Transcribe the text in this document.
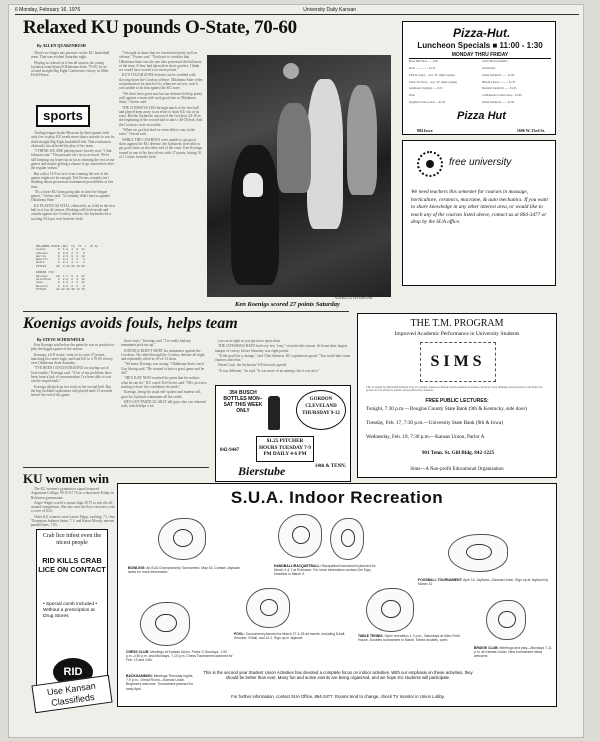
6 Monday, February 16, 1976	University Daily Kansan
Relaxed KU pounds O-State, 70-60
By ALLEN QUAKENBUSH

There's no longer any pressure on the KU basketball team. That was evident Saturday night.

Playing as relaxed as it has all season, the young Jayhawk team blasted Oklahoma State, 70-60, for its second straight Big Eight Conference victory in Allen Field House.

sports

Trailing league leader Missouri by three games with only five to play, KU needs more than a miracle to win its third straight Big Eight basketball title. That realization obviously has affected the play of the team.

"I THINK WE ARE playing more loosely now," Clint Johnson said. "The pressure isn't on us as much. We're still keeping our hopes up as far as winning the rest of our games and maybe getting a chance to go somewhere after the regular season."

But with a 13-9 record, even winning the rest of the games might not be enough. Ted Owens certainly isn't thinking about postseason tournament possibilities at this time.

"It's a loose KU team going into its last five league games," Owens said. "It certainly didn't hurt us against Oklahoma State."

KU PLAYED AS WELL offensively as it did in the first half as it has all season. Working well both inside and outside against the Cowboy defense, the Jayhawks hit a sizzling 59.4 per cent from the field.

OKLAHOMA STATE (60)  fg  ft  r  pf tp
Lester       5  1-2  4  3  11
Johnson      0  0-0  2  5   0
Harris       6  2-3  8  2  14
Roberts      4  0-1  3  4   8
Smith        3  2-2  1  1   8
TOTALS      26  8-13 29 19 60

KANSAS (70)
Koenigs     10  7-7  9  3  27
Valentine    4  2-2  2  4  10
Cook         6  1-2  7  1  13
Russell      3  2-2  3  2   8
TOTALS      29 12-16 30 14 70

"I thought at times that we functioned pretty well on offense," Owens said. "You have to consider that Oklahoma State was the one who possessed the ball most of the time. If they had taken their shots quicker, I think we would have scored a lot more points."

KU'S TOUGH ZONE defense can be credited with slowing down the Cowboy offense. Oklahoma State relies on penetration for much of its offensive success, and it was unable to do that against the KU zone.

"We don't have great size but our defense held up pretty well against a team with such good size as Oklahoma State," Owens said.

THE COWBOYS LED through much of the first half and played keep away in an effort to draw KU out of its zone. But the Jayhawks outscored the Cowboys 24-16 in the beginning of the second half to take a 40-30 lead. And the Cowboys were in trouble.

"When we got that lead we were able to stay in the zone," Owens said.

WHILE THE COWBOYS were unable to get good shots against the KU defense, the Jayhawks were able to get good shots on the other end of the court. Ken Koenigs turned in one of his best efforts with 27 points, hitting 10 of 13 shots from the field.

Staff Photo by JAY KOELZER
Ken Koenigs scored 27 points Saturday
Pizza-Hut.
Luncheon Specials ■ 11:00 - 1:30
MONDAY THRU FRIDAY
Pizza Hut Salad ....... $.85	Garlic Bread Available
Pizza .................. $1.35	Sandwiches
Thin & Crispy ... 4oz. 10" single topping	Italian Sandwich ........ $1.69
Thick 'N Chewy ... 4oz. 10" single topping	Ham & Cheese ............ $1.35
Additional Toppings ...... $.25	Meatball Sandwich ....... $1.45
Pasta	Combination w/meat sauce .. $1.99
Spaghetti w/meat sauce ... $1.85	Italian Sandwich ........ $1.69
Pizza Hut
804 Iowa	1606 W. 23rd St.
free university
We need teachers this semester for courses in massage, horticulture, ceramics, macrame, & auto mechanics. If you want to share knowledge in any other interest area, or would like to teach any of the courses listed above, contact us at 864-3477 or drop by the SUA office.
Koenigs avoids fouls, helps team
By STEVE SCHOENFELD

Ken Koenigs said before the game he was in position to play the biggest game of the season.

Koenigs, a 6-8 senior, went on to score 27 points, matching his career high, and lead KU to a 70-60 victory over Oklahoma State Saturday.

"I'VE BEEN CONCENTRATING on staying out of foul trouble," Koenigs said. "A lot of my problems have been from a lack of concentration. I've been able to sort out the stupid fouls."

Koenigs did pick up two fouls in the second half. But the big Goddard sophomore still played until 13 seconds before the end of the game.

those fouls," Koenigs said. "I've really had my teammates pick me up."

KOENIGS DIDN'T HURT his teammates against the Cowboys. He sifted through the Cowboy defense all night and repeatedly rifled in 10-of-13 shots.

"We knew Koenigs was strong," Oklahoma State coach Guy Strong said. "He wanted to have a good game and he did."

"HE'S JUST NOW reached the point that he realizes what he can do," KU coach Ted Owens said. "He's just now starting to have the confidence he needs."

Koenigs, being his usual self-spoken and modest self, gave his Jayhawk teammates all the credit.

HE'S GOT PARTICULARLY tall guys who can rebound well, which helps a lot.

you cut as tight as you get more open shots.

THE JAYHAWKS HAVE had very few "easy" victories this season. At home their largest margin of victory before Saturday was eight points.

"It felt good for a change," said Clint Johnson, KU sophomore guard. "You could take some chances and relax."

Norm Cook, the Jayhawks' 6-8 forward, agreed.

"It was different," he said. "It was more of an attempt, but it was nice."

35¢ BUSCH BOTTLES MON–SAT THIS WEEK ONLY
GORDON CLEVELAND THURSDAY 9-12
$1.25 PITCHER HOURS TUESDAY 7-9 PM DAILY 4-6 PM
842-9447
Bierstube	14th & TENN.
THE T.M. PROGRAM
Improved Academic Performance in University Students
SIMS
TM, as taught by Maharishi Mahesh Yogi is a simple, natural technique which expands awareness, develops clear thinking and perception, and improves grades and creativity in studies among university students.
FREE PUBLIC LECTURES:
Tonight, 7:30 p.m.—Douglas County State Bank (9th & Kentucky, side door)
Tuesday, Feb. 17, 7:30 p.m.—University State Bank (9th & Iowa)
Wednesday, Feb. 18, 7:30 p.m.—Kansas Union, Parlor A
901 Tenn. St. Gill Bldg. 842-1225
Sims—A Non-profit Educational Organization
KU women win

The KU women's gymnastics squad trounced Augustana College, 90.10-67.70, in a dual meet Friday in Robinson gymnasium.

Angie Wagle scored a season high 28.75 to win the all-around competition. She also won the floor exercises with a score of 8.35.

Other KU winners were Laurie Flapp, vaulting, 7.1; Sue Thompson, balance beam, 7.1; and Karen Moody, uneven parallel bars, 7.05.

Crab lice infest even the nicest people
RID KILLS CRAB LICE ON CONTACT
• Special comb included • Without a prescription at Drug Stores
RID
Use Kansan Classifieds
S.U.A. Indoor Recreation
BOWLING: All-SUA Championship Tournament. May 16. Contact Jayhawk lanes for more information.
HANDBALL/RACQUETBALL: Racquetball tournament planned for March 4 & 7 at Robinson. For more information contact Jim Kipp. Deadline is March 5.
FOOSBALL TOURNAMENT: April 10. Jaybowl—Kansas Union. Sign up at Jaybowl by March 31.
POOL: Tournament planned for March 27 & 28 all events, including 8-ball, Snooker, 9-Ball, and 14.1. Sign up in Jaybowl.
TABLE TENNIS: Open recreation 1-3 p.m., Saturdays at Allen Field House. Doubles tournament in March. Mixed doubles, open.
CHESS CLUB: Meetings at Kansas Union. Parlor C-Sundays, 1:30 p.m.-4:30 p.m. and Mondays, 7-10 p.m. Chess Tournament planned for Feb. 13 and 14th.
BACKGAMMON: Meetings Thursday nights, 7-9 p.m., Oread Room—Kansas Union. Beginners welcome. Tournament planned for early April.
BRIDGE CLUB: Meetings and play—Mondays 7-11 p.m. at Kansas Union. New tournament ideas welcome.
This is the second year Student Union Activities has devoted a complete focus on indoor activities. With our emphasis on these activities, they should be better than ever. Many fun and active events are being organized, and we hope KU students will participate.
For further information, contact SUA Office, 864-3477. Rooms tend to change, check TV monitor in Union Lobby.
